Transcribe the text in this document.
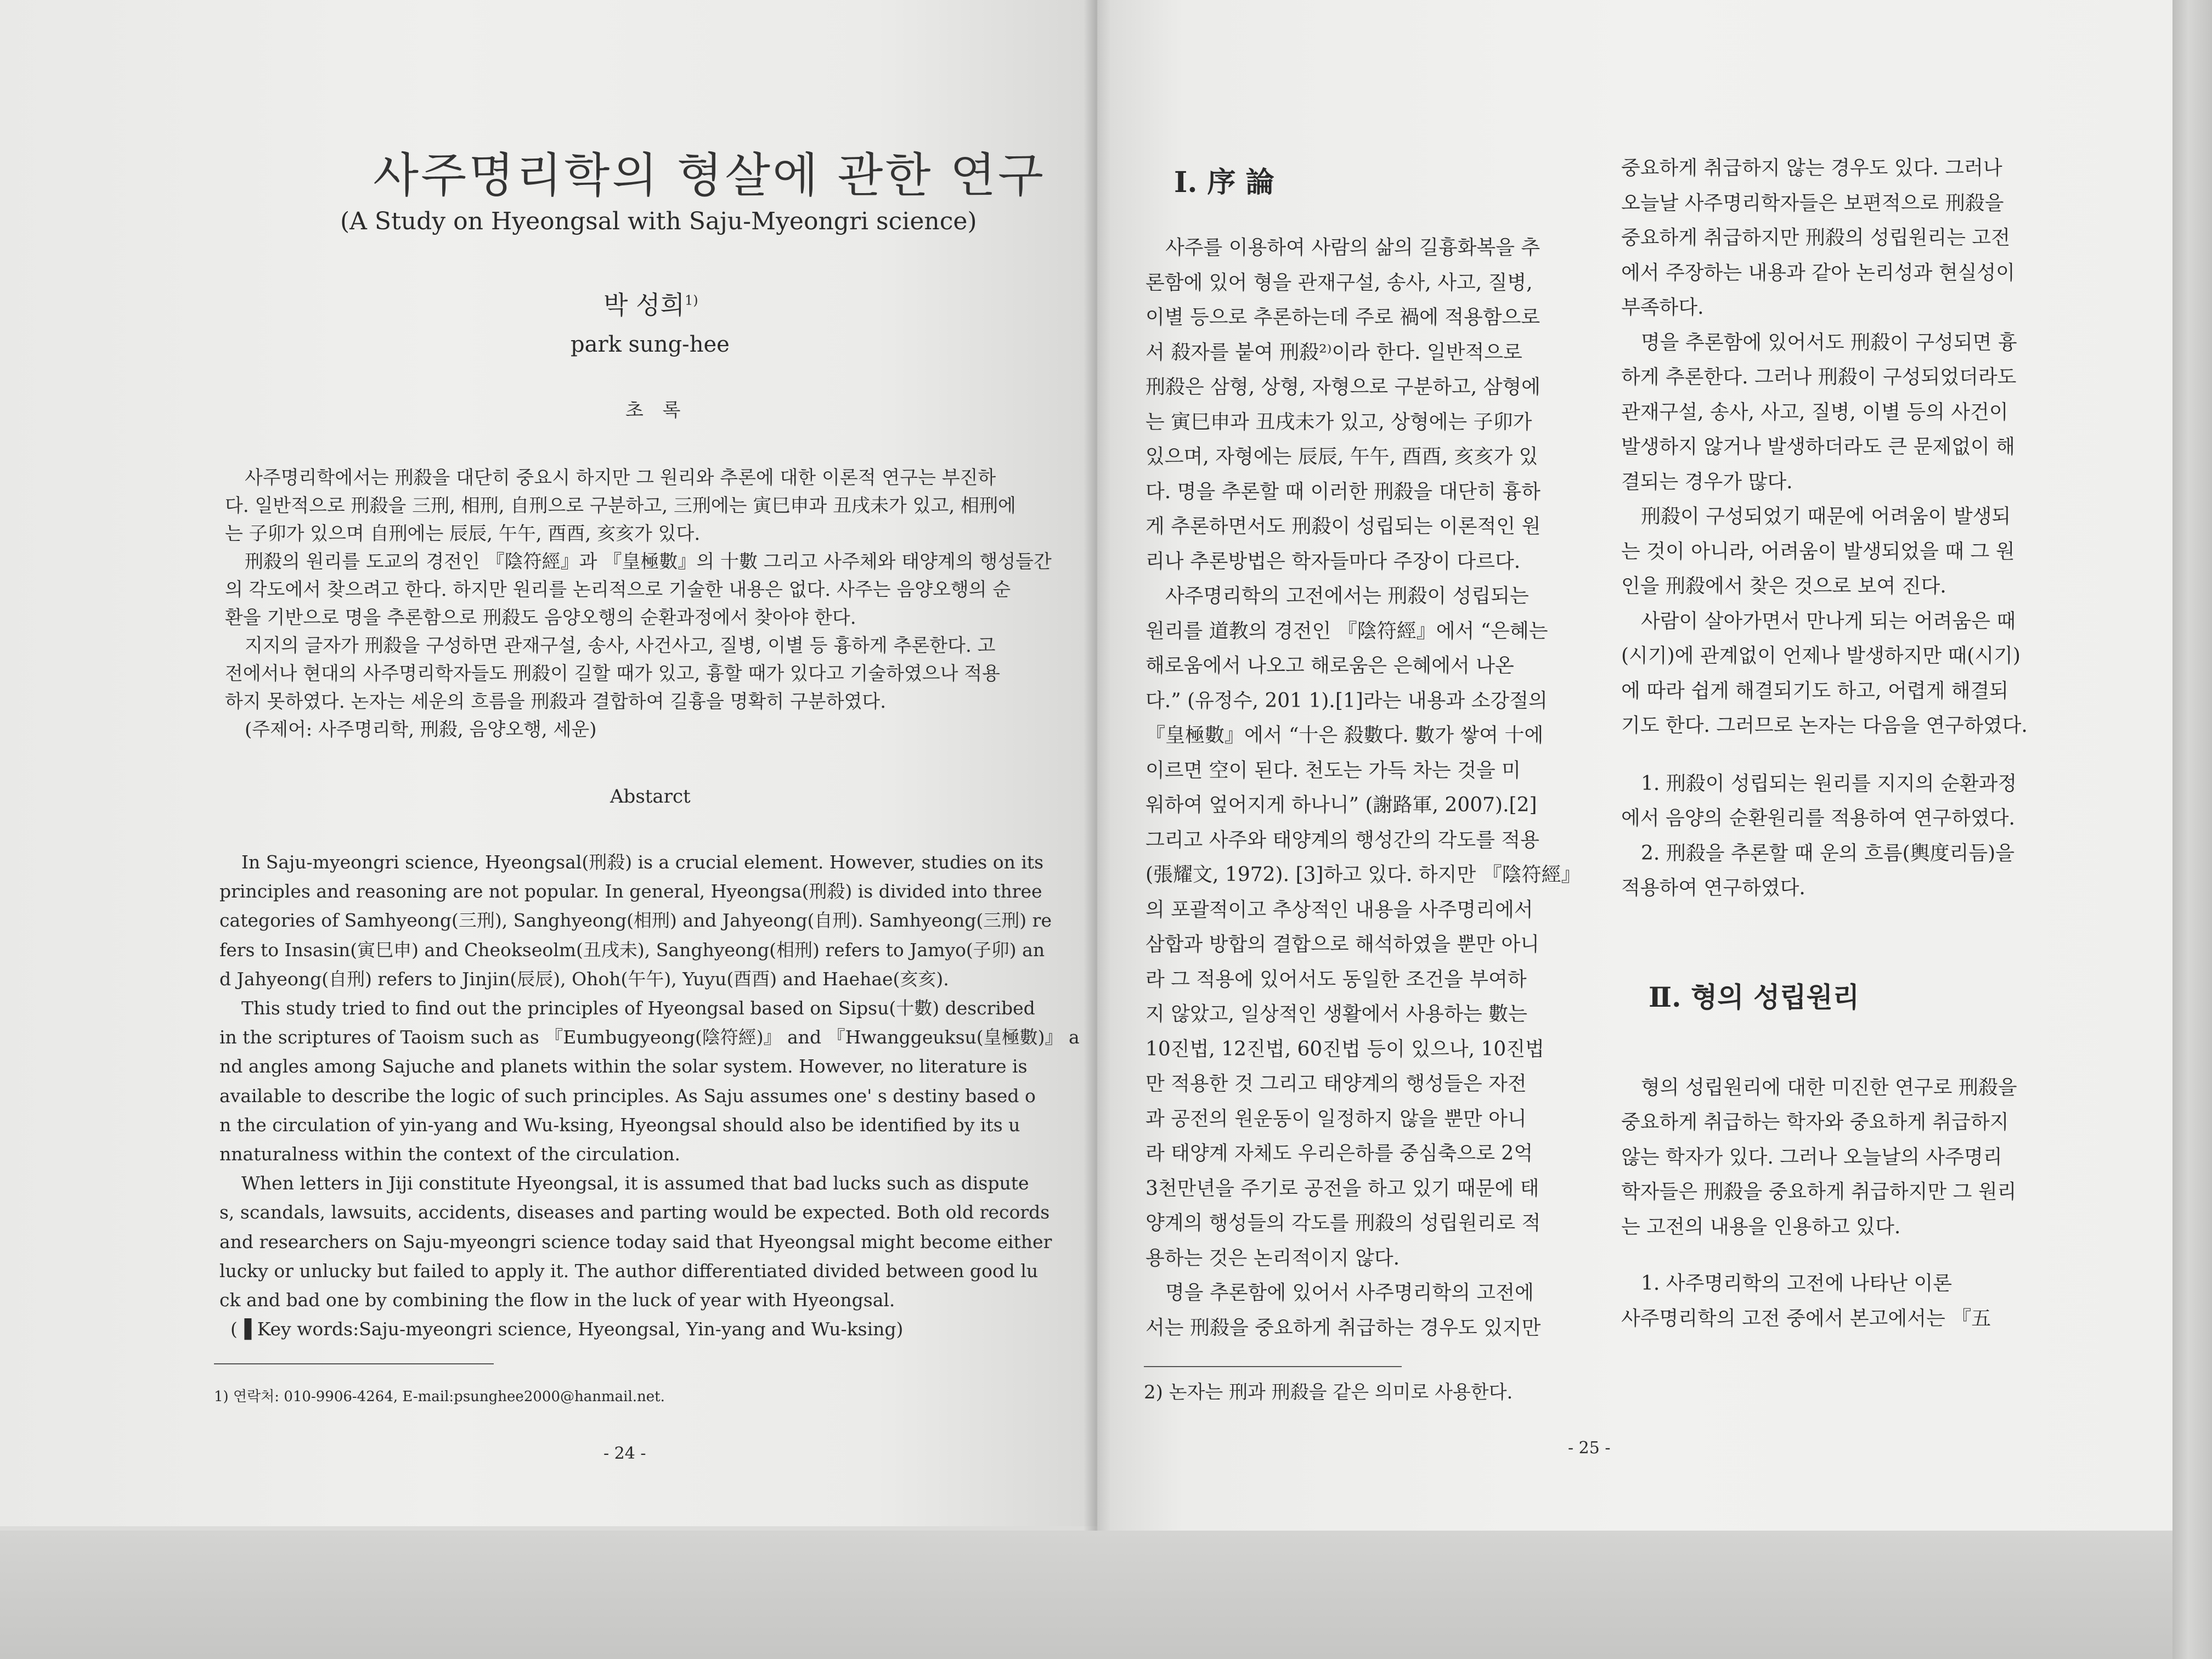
사주명리학의 형살에 관한 연구

(A Study on Hyeongsal with Saju-Myeongri science)

박 성희$^{1)}$

park sung-hee

초 록

사주명리학에서는 刑殺을 대단히 중요시 하지만 그 원리와 추론에 대한 이론적 연구는 부진하

다. 일반적으로 刑殺을 三刑, 相刑, 自刑으로 구분하고, 三刑에는 寅巳申과 丑戌未가 있고, 相刑에

는 子卯가 있으며 自刑에는 辰辰, 午午, 酉酉, 亥亥가 있다.

刑殺의 원리를 도교의 경전인 『陰符經』과 『皇極數』의 十數 그리고 사주체와 태양계의 행성들간

의 각도에서 찾으려고 한다. 하지만 원리를 논리적으로 기술한 내용은 없다. 사주는 음양오행의 순

환을 기반으로 명을 추론함으로 刑殺도 음양오행의 순환과정에서 찾아야 한다.

지지의 글자가 刑殺을 구성하면 관재구설, 송사, 사건사고, 질병, 이별 등 흉하게 추론한다. 고

전에서나 현대의 사주명리학자들도 刑殺이 길할 때가 있고, 흉할 때가 있다고 기술하였으나 적용

하지 못하였다. 논자는 세운의 흐름을 刑殺과 결합하여 길흉을 명확히 구분하였다.

(주제어: 사주명리학, 刑殺, 음양오행, 세운)

Abstarct

In Saju-myeongri science, Hyeongsal(刑殺) is a crucial element. However, studies on its

principles and reasoning are not popular. In general, Hyeongsa(刑殺) is divided into three

categories of Samhyeong(三刑), Sanghyeong(相刑) and Jahyeong(自刑). Samhyeong(三刑) re

fers to Insasin(寅巳申) and Cheokseolm(丑戌未), Sanghyeong(相刑) refers to Jamyo(子卯) an

d Jahyeong(自刑) refers to Jinjin(辰辰), Ohoh(午午), Yuyu(酉酉) and Haehae(亥亥).

This study tried to find out the principles of Hyeongsal based on Sipsu(十數) described

in the scriptures of Taoism such as 『Eumbugyeong(陰符經)』 and 『Hwanggeuksu(皇極數)』 a

nd angles among Sajuche and planets within the solar system. However, no literature is

available to describe the logic of such principles. As Saju assumes one' s destiny based o

n the circulation of yin-yang and Wu-ksing, Hyeongsal should also be identified by its u

nnaturalness within the context of the circulation.

When letters in Jiji constitute Hyeongsal, it is assumed that bad lucks such as dispute

s, scandals, lawsuits, accidents, diseases and parting would be expected. Both old records

and researchers on Saju-myeongri science today said that Hyeongsal might become either

lucky or unlucky but failed to apply it. The author differentiated divided between good lu

ck and bad one by combining the flow in the luck of year with Hyeongsal.

(▐ Key words:Saju-myeongri science, Hyeongsal, Yin-yang and Wu-ksing)

1) 연락처: 010-9906-4264, E-mail:psunghee2000@hanmail.net.

- 24 -

Ⅰ. 序 論

사주를 이용하여 사람의 삶의 길흉화복을 추

론함에 있어 형을 관재구설, 송사, 사고, 질병,

이별 등으로 추론하는데 주로 禍에 적용함으로

서 殺자를 붙여 刑殺²⁾이라 한다. 일반적으로

刑殺은 삼형, 상형, 자형으로 구분하고, 삼형에

는 寅巳申과 丑戌未가 있고, 상형에는 子卯가

있으며, 자형에는 辰辰, 午午, 酉酉, 亥亥가 있

다. 명을 추론할 때 이러한 刑殺을 대단히 흉하

게 추론하면서도 刑殺이 성립되는 이론적인 원

리나 추론방법은 학자들마다 주장이 다르다.

사주명리학의 고전에서는 刑殺이 성립되는

원리를 道教의 경전인 『陰符經』에서 “은혜는

해로움에서 나오고 해로움은 은혜에서 나온

다.” (유정수, 201 1).[1]라는 내용과 소강절의

『皇極數』에서 “十은 殺數다. 數가 쌓여 十에

이르면 空이 된다. 천도는 가득 차는 것을 미

워하여 엎어지게 하나니” (謝路軍, 2007).[2]

그리고 사주와 태양계의 행성간의 각도를 적용

(張耀文, 1972). [3]하고 있다. 하지만 『陰符經』

의 포괄적이고 추상적인 내용을 사주명리에서

삼합과 방합의 결합으로 해석하였을 뿐만 아니

라 그 적용에 있어서도 동일한 조건을 부여하

지 않았고, 일상적인 생활에서 사용하는 數는

10진법, 12진법, 60진법 등이 있으나, 10진법

만 적용한 것 그리고 태양계의 행성들은 자전

과 공전의 원운동이 일정하지 않을 뿐만 아니

라 태양계 자체도 우리은하를 중심축으로 2억

3천만년을 주기로 공전을 하고 있기 때문에 태

양계의 행성들의 각도를 刑殺의 성립원리로 적

용하는 것은 논리적이지 않다.

명을 추론함에 있어서 사주명리학의 고전에

서는 刑殺을 중요하게 취급하는 경우도 있지만

중요하게 취급하지 않는 경우도 있다. 그러나

오늘날 사주명리학자들은 보편적으로 刑殺을

중요하게 취급하지만 刑殺의 성립원리는 고전

에서 주장하는 내용과 같아 논리성과 현실성이

부족하다.

명을 추론함에 있어서도 刑殺이 구성되면 흉

하게 추론한다. 그러나 刑殺이 구성되었더라도

관재구설, 송사, 사고, 질병, 이별 등의 사건이

발생하지 않거나 발생하더라도 큰 문제없이 해

결되는 경우가 많다.

刑殺이 구성되었기 때문에 어려움이 발생되

는 것이 아니라, 어려움이 발생되었을 때 그 원

인을 刑殺에서 찾은 것으로 보여 진다.

사람이 살아가면서 만나게 되는 어려움은 때

(시기)에 관계없이 언제나 발생하지만 때(시기)

에 따라 쉽게 해결되기도 하고, 어렵게 해결되

기도 한다. 그러므로 논자는 다음을 연구하였다.

1. 刑殺이 성립되는 원리를 지지의 순환과정

에서 음양의 순환원리를 적용하여 연구하였다.

2. 刑殺을 추론할 때 운의 흐름(輿度리듬)을

적용하여 연구하였다.

형의 성립원리에 대한 미진한 연구로 刑殺을

중요하게 취급하는 학자와 중요하게 취급하지

않는 학자가 있다. 그러나 오늘날의 사주명리

학자들은 刑殺을 중요하게 취급하지만 그 원리

는 고전의 내용을 인용하고 있다.

1. 사주명리학의 고전에 나타난 이론

사주명리학의 고전 중에서 본고에서는 『五

Ⅱ. 형의 성립원리

2) 논자는 刑과 刑殺을 같은 의미로 사용한다.

- 25 -
